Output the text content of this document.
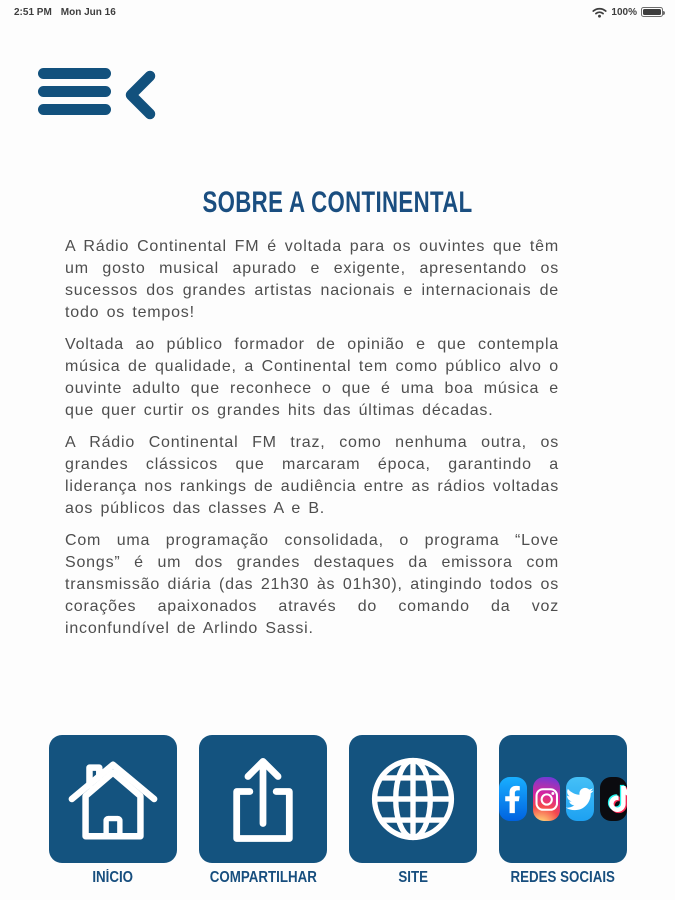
2:51 PM Mon Jun 16	100%
SOBRE A CONTINENTAL

A Rádio Continental FM é voltada para os ouvintes que têm um gosto musical apurado e exigente, apresentando os sucessos dos grandes artistas nacionais e internacionais de todo os tempos!

Voltada ao público formador de opinião e que contempla música de qualidade, a Continental tem como público alvo o ouvinte adulto que reconhece o que é uma boa música e que quer curtir os grandes hits das últimas décadas.

A Rádio Continental FM traz, como nenhuma outra, os grandes clássicos que marcaram época, garantindo a liderança nos rankings de audiência entre as rádios voltadas aos públicos das classes A e B.

Com uma programação consolidada, o programa “Love Songs” é um dos grandes destaques da emissora com transmissão diária (das 21h30 às 01h30), atingindo todos os corações apaixonados através do comando da voz inconfundível de Arlindo Sassi.

INÍCIO	COMPARTILHAR	SITE	REDES SOCIAIS
